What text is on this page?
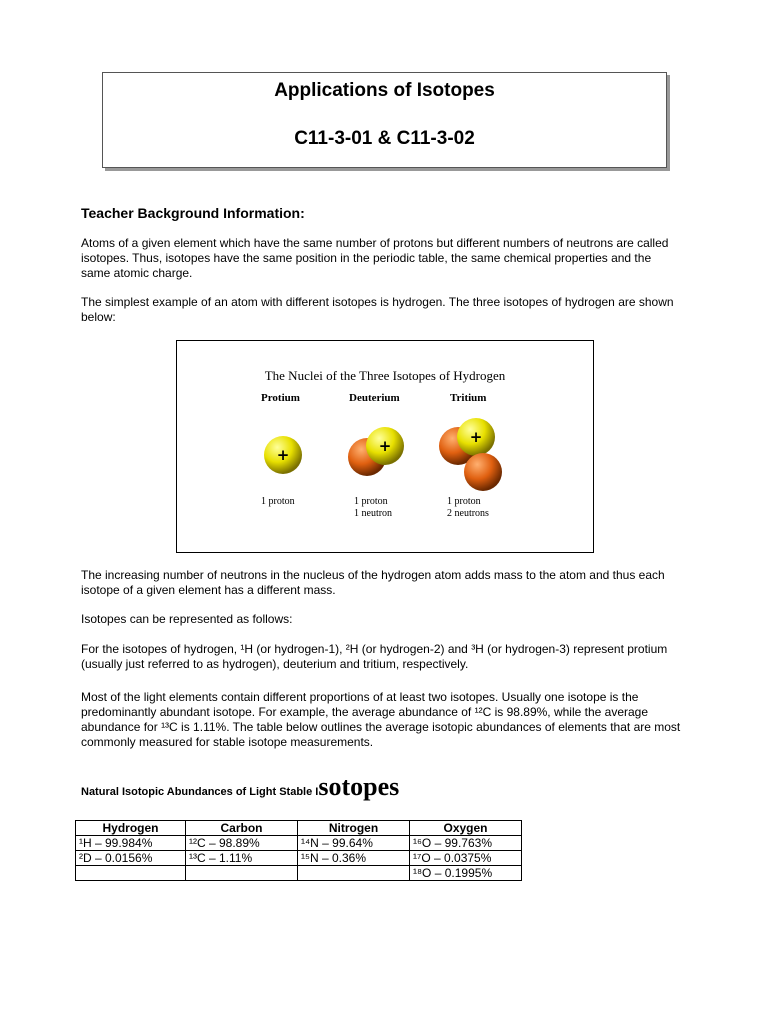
Applications of Isotopes
C11-3-01 & C11-3-02
Teacher Background Information:
Atoms of a given element which have the same number of protons but different numbers of neutrons are called isotopes. Thus, isotopes have the same position in the periodic table, the same chemical properties and the same atomic charge.
The simplest example of an atom with different isotopes is hydrogen. The three isotopes of hydrogen are shown below:
The Nuclei of the Three Isotopes of Hydrogen
Protium	Deuterium	Tritium
+	+	+
1 proton	1 proton
1 neutron
1 proton
2 neutrons
The increasing number of neutrons in the nucleus of the hydrogen atom adds mass to the atom and thus each isotope of a given element has a different mass.
Isotopes can be represented as follows:
For the isotopes of hydrogen, ¹H (or hydrogen-1), ²H (or hydrogen-2) and ³H (or hydrogen-3) represent protium (usually just referred to as hydrogen), deuterium and tritium, respectively.
Most of the light elements contain different proportions of at least two isotopes. Usually one isotope is the predominantly abundant isotope. For example, the average abundance of ¹²C is 98.89%, while the average abundance for ¹³C is 1.11%. The table below outlines the average isotopic abundances of elements that are most commonly measured for stable isotope measurements.
Natural Isotopic Abundances of Light Stable Isotopes
Hydrogen	Carbon	Nitrogen	Oxygen
¹H – 99.984%	¹²C – 98.89%	¹⁴N – 99.64%	¹⁶O – 99.763%
²D – 0.0156%	¹³C – 1.11%	¹⁵N – 0.36%	¹⁷O – 0.0375%
			¹⁸O – 0.1995%
